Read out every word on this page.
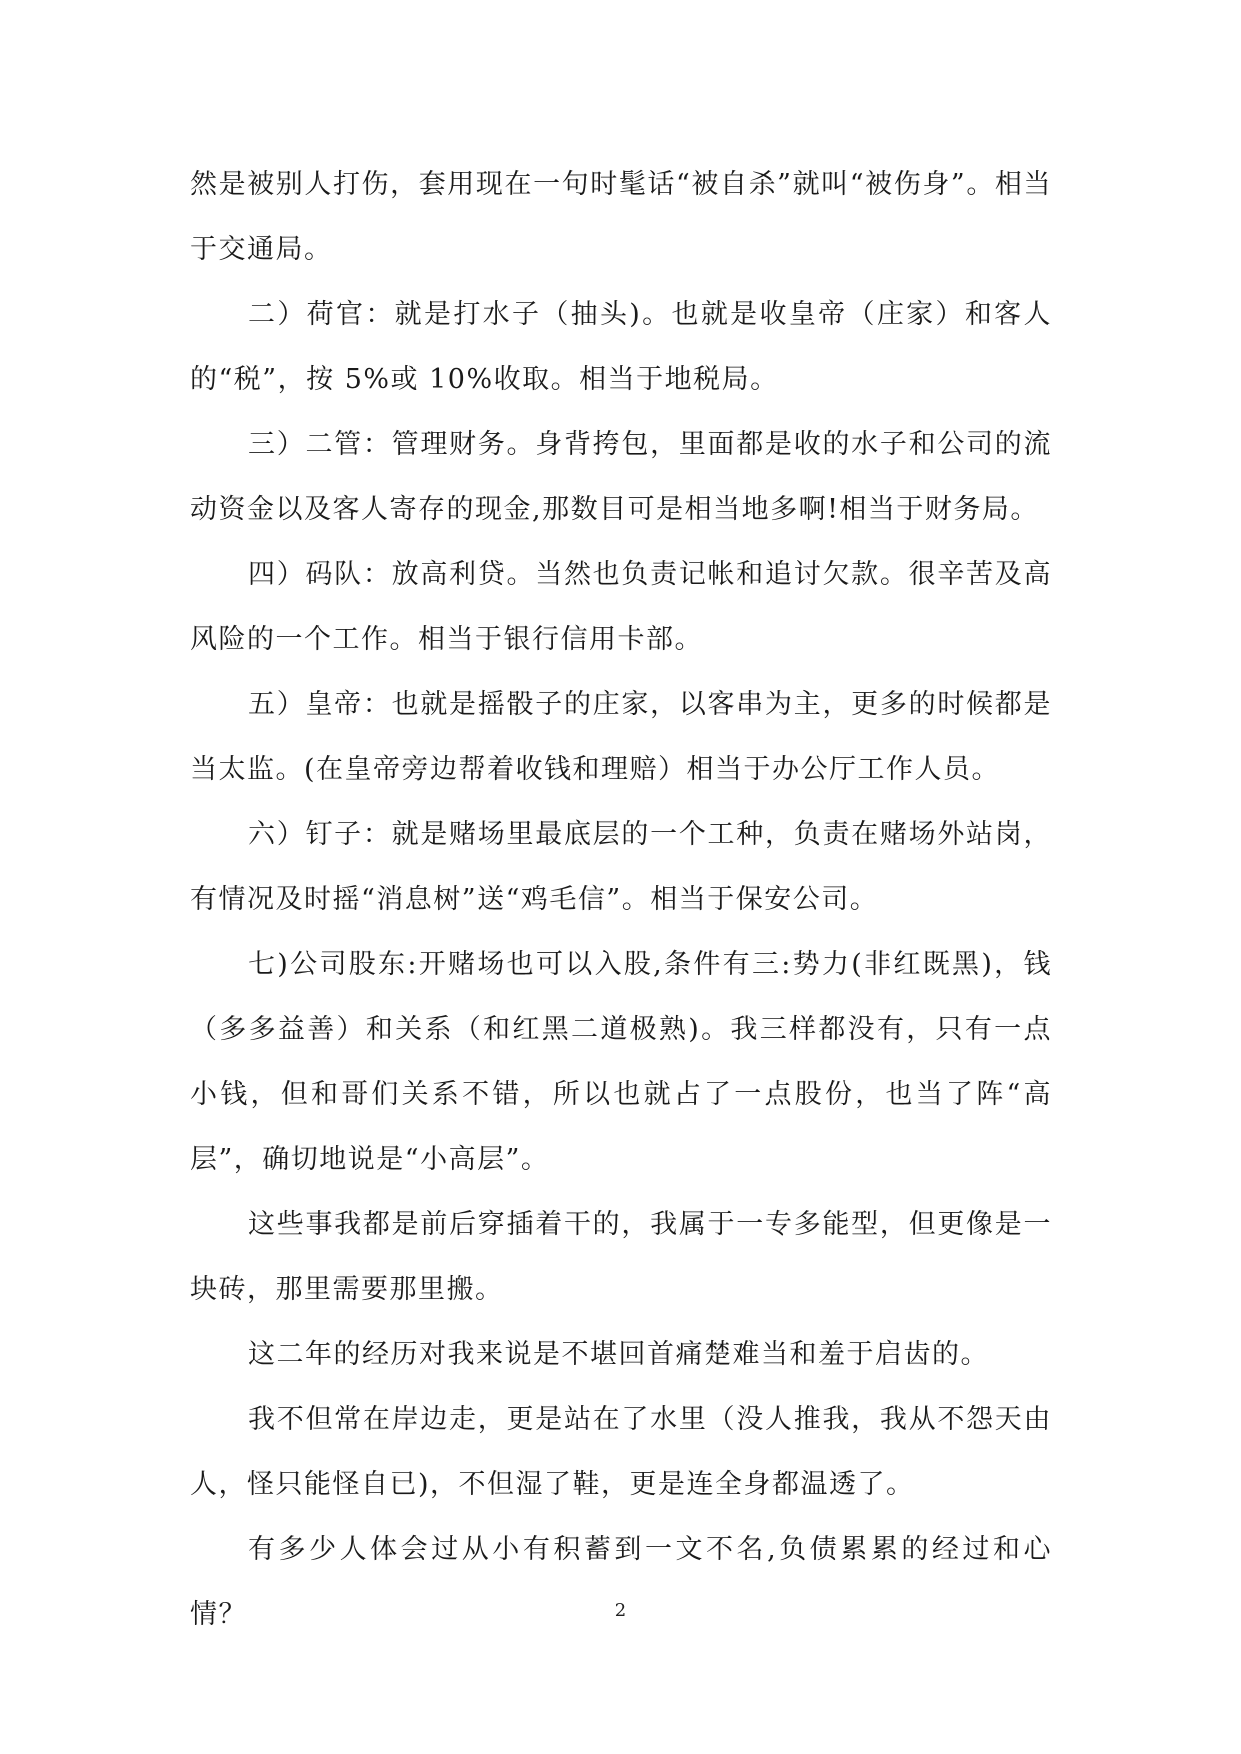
然是被别人打伤，套用现在一句时髦话“被自杀”就叫“被伤身”。相当于交通局。

二）荷官：就是打水子（抽头)。也就是收皇帝（庄家）和客人的“税”，按 5%或 10%收取。相当于地税局。

三）二管：管理财务。身背挎包，里面都是收的水子和公司的流动资金以及客人寄存的现金,那数目可是相当地多啊!相当于财务局。

四）码队：放高利贷。当然也负责记帐和追讨欠款。很辛苦及高风险的一个工作。相当于银行信用卡部。

五）皇帝：也就是摇骰子的庄家，以客串为主，更多的时候都是当太监。(在皇帝旁边帮着收钱和理赔）相当于办公厅工作人员。

六）钉子：就是赌场里最底层的一个工种，负责在赌场外站岗，有情况及时摇“消息树”送“鸡毛信”。相当于保安公司。

七)公司股东:开赌场也可以入股,条件有三:势力(非红既黑)，钱（多多益善）和关系（和红黑二道极熟)。我三样都没有，只有一点小钱，但和哥们关系不错，所以也就占了一点股份，也当了阵“高层”，确切地说是“小高层”。

这些事我都是前后穿插着干的，我属于一专多能型，但更像是一块砖，那里需要那里搬。

这二年的经历对我来说是不堪回首痛楚难当和羞于启齿的。

我不但常在岸边走，更是站在了水里（没人推我，我从不怨天由人，怪只能怪自已)，不但湿了鞋，更是连全身都温透了。

有多少人体会过从小有积蓄到一文不名,负债累累的经过和心情？	2
